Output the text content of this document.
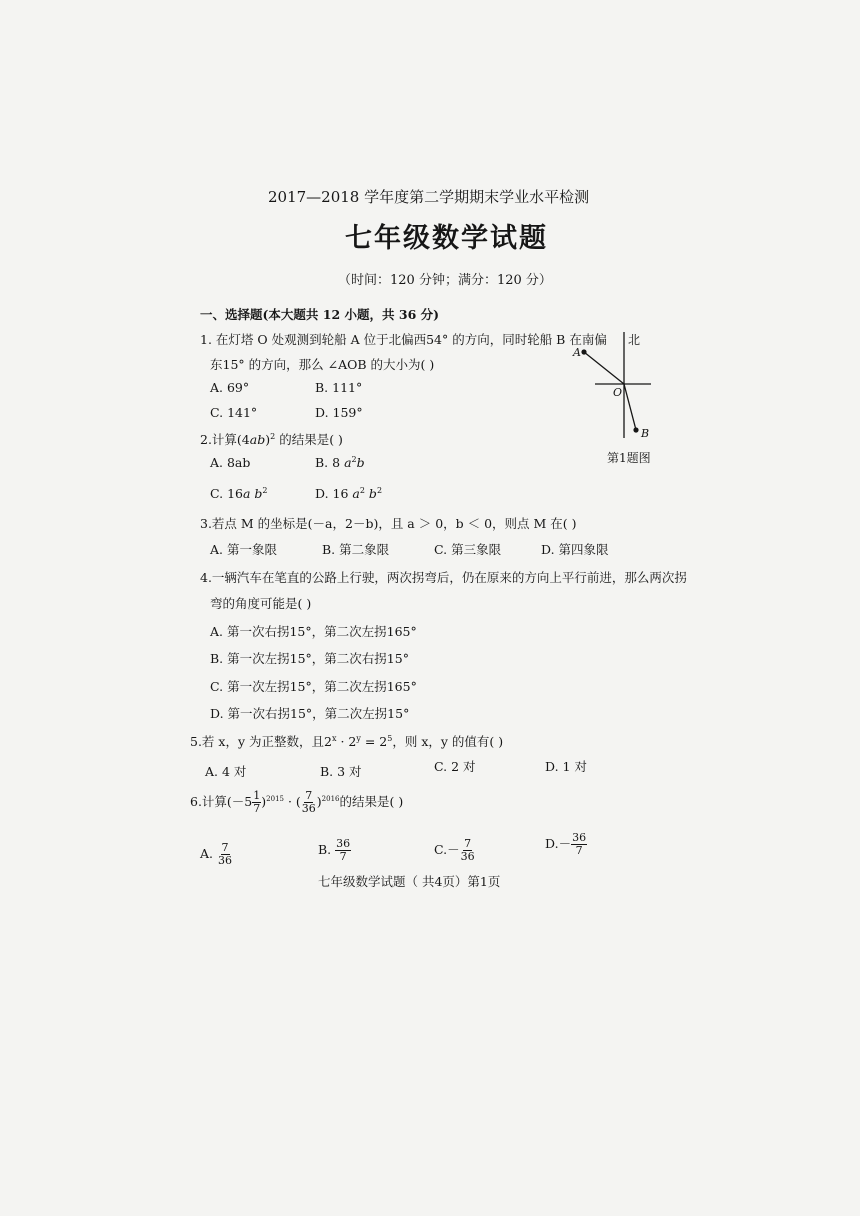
2017—2018 学年度第二学期期末学业水平检测
七年级数学试题
（时间：120 分钟；满分：120 分）
一、选择题(本大题共 12 小题，共 36 分)
1. 在灯塔 O 处观测到轮船 A 位于北偏西54° 的方向，同时轮船 B 在南偏
东15° 的方向，那么 ∠AOB 的大小为( )
A. 69°	B. 111°
C. 141°	D. 159°
北
A
O
B
第1题图
2.计算$(4ab)^2$ 的结果是( )
A. 8ab	B. 8 $a^2b$
C. 16a $b^2$	D. 16 $a^2$ $b^2$
3.若点 M 的坐标是(－a，2－b)，且 a ＞ 0，b ＜ 0，则点 M 在( )
A. 第一象限	B. 第二象限	C. 第三象限	D. 第四象限
4.一辆汽车在笔直的公路上行驶，两次拐弯后，仍在原来的方向上平行前进，那么两次拐
弯的角度可能是( )
A. 第一次右拐15°，第二次左拐165°
B. 第一次左拐15°，第二次右拐15°
C. 第一次左拐15°，第二次左拐165°
D. 第一次右拐15°，第二次左拐15°
5.若 x，y 为正整数，且$2^x \cdot 2^y = 2^5$，则 x，y 的值有( )
A. 4 对	B. 3 对	C. 2 对	D. 1 对
6.计算$(-5 \frac{1}{7} )^{2015}$ · ( $\frac{7}{36} )^{2016}$的结果是( )
A. $\frac{7}{36}$	B. $\frac{36}{7}$	$C.- \frac{7}{36}$	$D.- \frac{36}{7}$
七年级数学试题（ 共4页）第1页
